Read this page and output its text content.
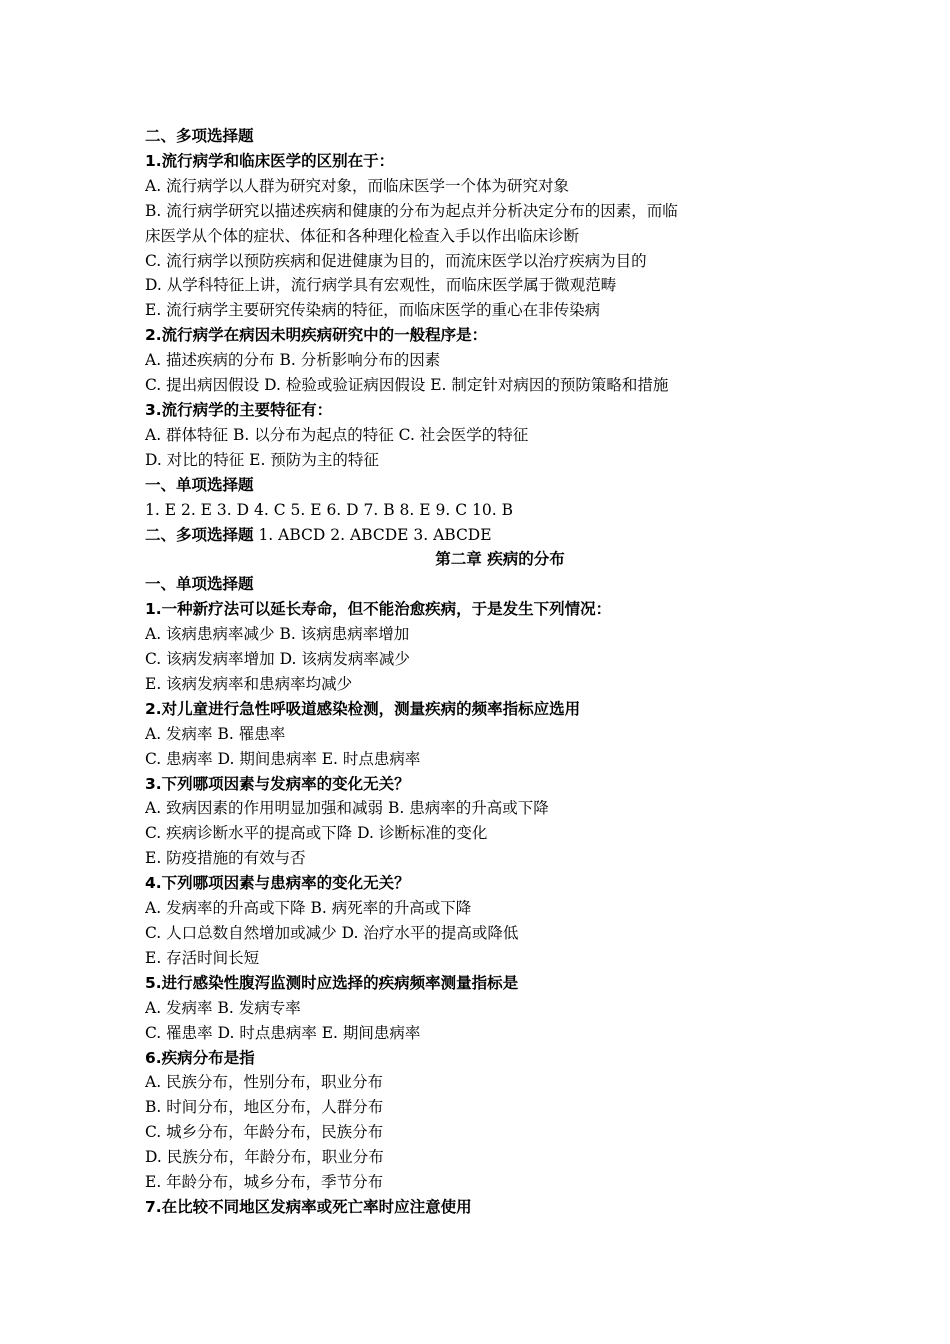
二、多项选择题
1.流行病学和临床医学的区别在于：
A. 流行病学以人群为研究对象，而临床医学一个体为研究对象
B. 流行病学研究以描述疾病和健康的分布为起点并分析决定分布的因素，而临
床医学从个体的症状、体征和各种理化检查入手以作出临床诊断
C. 流行病学以预防疾病和促进健康为目的，而流床医学以治疗疾病为目的
D. 从学科特征上讲，流行病学具有宏观性，而临床医学属于微观范畴
E. 流行病学主要研究传染病的特征，而临床医学的重心在非传染病
2.流行病学在病因未明疾病研究中的一般程序是：
A. 描述疾病的分布 B. 分析影响分布的因素
C. 提出病因假设 D. 检验或验证病因假设 E. 制定针对病因的预防策略和措施
3.流行病学的主要特征有：
A. 群体特征 B. 以分布为起点的特征 C. 社会医学的特征
D. 对比的特征 E. 预防为主的特征
一、单项选择题
1. E 2. E 3. D 4. C 5. E 6. D 7. B 8. E 9. C 10. B
二、多项选择题 1. ABCD 2. ABCDE 3. ABCDE
第二章 疾病的分布
一、单项选择题
1.一种新疗法可以延长寿命，但不能治愈疾病，于是发生下列情况：
A. 该病患病率减少 B. 该病患病率增加
C. 该病发病率增加 D. 该病发病率减少
E. 该病发病率和患病率均减少
2.对儿童进行急性呼吸道感染检测，测量疾病的频率指标应选用
A. 发病率 B. 罹患率
C. 患病率 D. 期间患病率 E. 时点患病率
3.下列哪项因素与发病率的变化无关？
A. 致病因素的作用明显加强和减弱 B. 患病率的升高或下降
C. 疾病诊断水平的提高或下降 D. 诊断标准的变化
E. 防疫措施的有效与否
4.下列哪项因素与患病率的变化无关？
A. 发病率的升高或下降 B. 病死率的升高或下降
C. 人口总数自然增加或减少 D. 治疗水平的提高或降低
E. 存活时间长短
5.进行感染性腹泻监测时应选择的疾病频率测量指标是
A. 发病率 B. 发病专率
C. 罹患率 D. 时点患病率 E. 期间患病率
6.疾病分布是指
A. 民族分布，性别分布，职业分布
B. 时间分布，地区分布，人群分布
C. 城乡分布，年龄分布，民族分布
D. 民族分布，年龄分布，职业分布
E. 年龄分布，城乡分布，季节分布
7.在比较不同地区发病率或死亡率时应注意使用
